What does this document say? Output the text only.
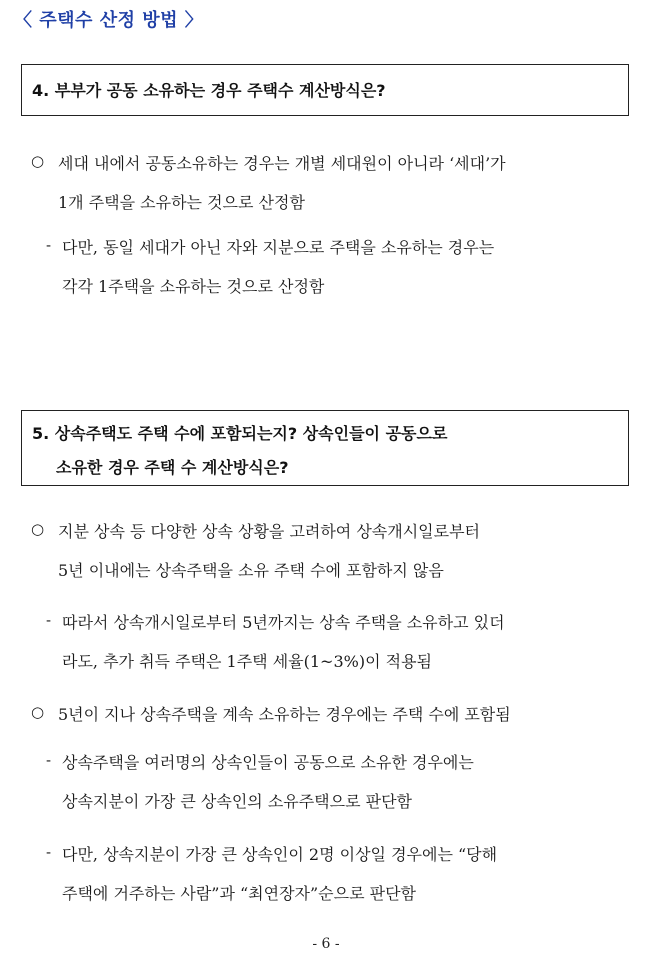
〈 주택수 산정 방법 〉
4. 부부가 공동 소유하는 경우 주택수 계산방식은?
○ 세대 내에서 공동소유하는 경우는 개별 세대원이 아니라 ‘세대’가
1개 주택을 소유하는 것으로 산정함
- 다만, 동일 세대가 아닌 자와 지분으로 주택을 소유하는 경우는
각각 1주택을 소유하는 것으로 산정함
5. 상속주택도 주택 수에 포함되는지? 상속인들이 공동으로
소유한 경우 주택 수 계산방식은?
○ 지분 상속 등 다양한 상속 상황을 고려하여 상속개시일로부터
5년 이내에는 상속주택을 소유 주택 수에 포함하지 않음
- 따라서 상속개시일로부터 5년까지는 상속 주택을 소유하고 있더
라도, 추가 취득 주택은 1주택 세율(1~3%)이 적용됨
○ 5년이 지나 상속주택을 계속 소유하는 경우에는 주택 수에 포함됨
- 상속주택을 여러명의 상속인들이 공동으로 소유한 경우에는
상속지분이 가장 큰 상속인의 소유주택으로 판단함
- 다만, 상속지분이 가장 큰 상속인이 2명 이상일 경우에는 “당해
주택에 거주하는 사람”과 “최연장자”순으로 판단함
- 6 -
